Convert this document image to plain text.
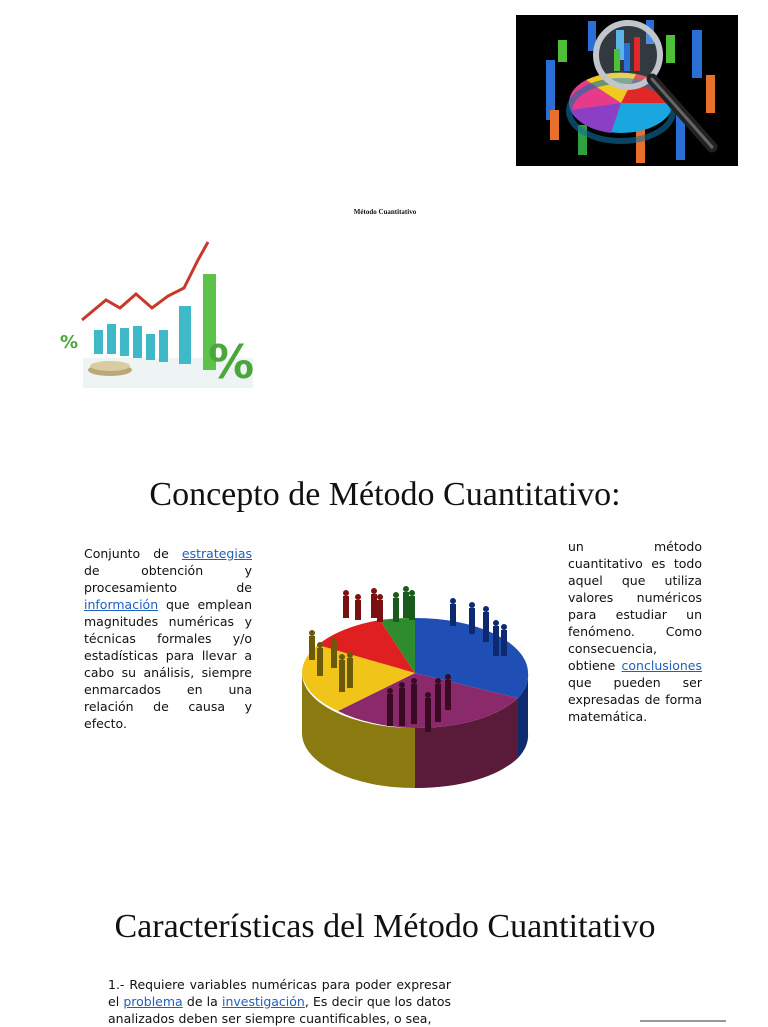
Método Cuantitativo
%
%
Concepto de Método Cuantitativo:
Conjunto de estrategias de obtención y procesamiento de información que emplean magnitudes numéricas y técnicas formales y/o estadísticas para llevar a cabo su análisis, siempre enmarcados en una relación de causa y efecto.
un método cuantitativo es todo aquel que utiliza valores numéricos para estudiar un fenómeno. Como consecuencia, obtiene conclusiones que pueden ser expresadas de forma matemática.
Características del Método Cuantitativo
1.- Requiere variables numéricas para poder expresar el problema de la investigación, Es decir que los datos analizados deben ser siempre cuantificables, o sea,
